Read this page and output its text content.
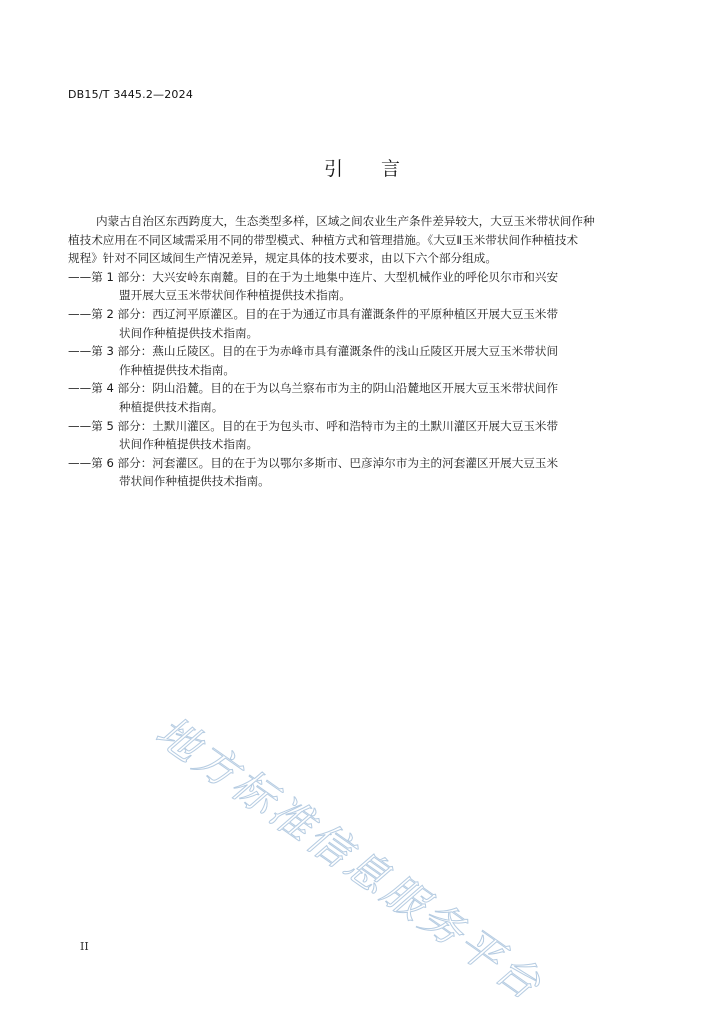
DB15/T 3445.2—2024
引言

内蒙古自治区东西跨度大，生态类型多样，区域之间农业生产条件差异较大，大豆玉米带状间作种
植技术应用在不同区域需采用不同的带型模式、种植方式和管理措施。《大豆Ⅱ玉米带状间作种植技术
规程》针对不同区域间生产情况差异，规定具体的技术要求，由以下六个部分组成。

——第 1 部分：大兴安岭东南麓。目的在于为土地集中连片、大型机械作业的呼伦贝尔市和兴安
盟开展大豆玉米带状间作种植提供技术指南。
——第 2 部分：西辽河平原灌区。目的在于为通辽市具有灌溉条件的平原种植区开展大豆玉米带
状间作种植提供技术指南。
——第 3 部分：燕山丘陵区。目的在于为赤峰市具有灌溉条件的浅山丘陵区开展大豆玉米带状间
作种植提供技术指南。
——第 4 部分：阴山沿麓。目的在于为以乌兰察布市为主的阴山沿麓地区开展大豆玉米带状间作
种植提供技术指南。
——第 5 部分：土默川灌区。目的在于为包头市、呼和浩特市为主的土默川灌区开展大豆玉米带
状间作种植提供技术指南。
——第 6 部分：河套灌区。目的在于为以鄂尔多斯市、巴彦淖尔市为主的河套灌区开展大豆玉米
带状间作种植提供技术指南。
地方标准信息服务平台
II
